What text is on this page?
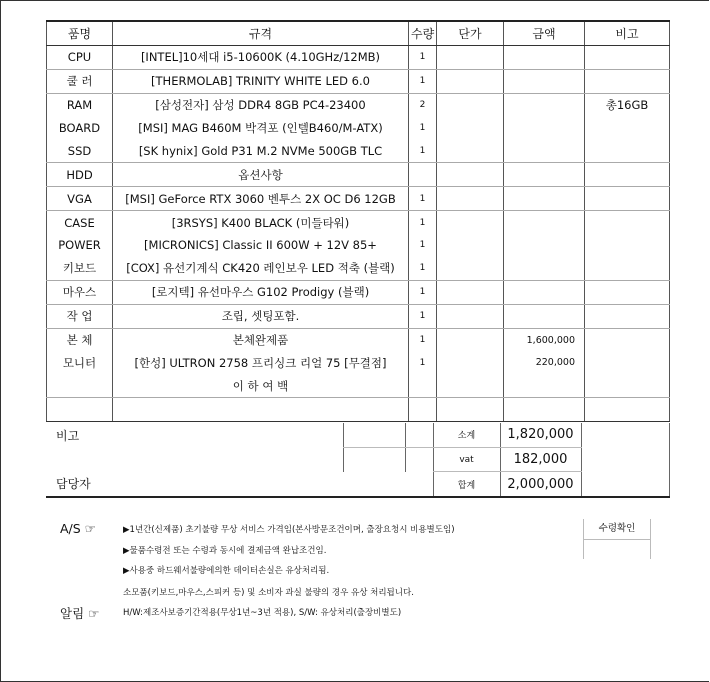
품명	규격	수량	단가	금액	비고
CPU	[INTEL]10세대 i5-10600K (4.10GHz/12MB)	1			
쿨 러	[THERMOLAB] TRINITY WHITE LED 6.0	1			
RAM	[삼성전자] 삼성 DDR4 8GB PC4-23400	2			총16GB
BOARD	[MSI] MAG B460M 박격포 (인텔B460/M-ATX)	1			
SSD	[SK hynix] Gold P31 M.2 NVMe 500GB TLC	1			
HDD	옵션사항				
VGA	[MSI] GeForce RTX 3060 벤투스 2X OC D6 12GB	1			
CASE	[3RSYS] K400 BLACK (미들타워)	1			
POWER	[MICRONICS] Classic II 600W + 12V 85+	1			
키보드	[COX] 유선기계식 CK420 레인보우 LED 적축 (블랙)	1			
마우스	[로지텍] 유선마우스 G102 Prodigy (블랙)	1			
작 업	조립, 셋팅포함.	1			
본 체	본체완제품	1		1,600,000	
모니터	[한성] ULTRON 2758 프리싱크 리얼 75 [무결점]	1		220,000	
	이 하 여 백				

비고			소계	1,820,000	
			vat	182,000	
담당자			합계	2,000,000	
A/S ☞	▶1년간(신제품) 초기불량 무상 서비스 가격임(본사방문조건이며, 출장요청시 비용별도임)
▶물품수령전 또는 수령과 동시에 결제금액 완납조건임.
▶사용중 하드웨서불량에의한 데이터손실은 유상처리됨.
소모품(키보드,마우스,스피커 등) 및 소비자 과실 불량의 경우 유상 처리됩니다.
알림 ☞	H/W:제조사보증기간적용(무상1년~3년 적용), S/W: 유상처리(출장비별도)
수령확인
